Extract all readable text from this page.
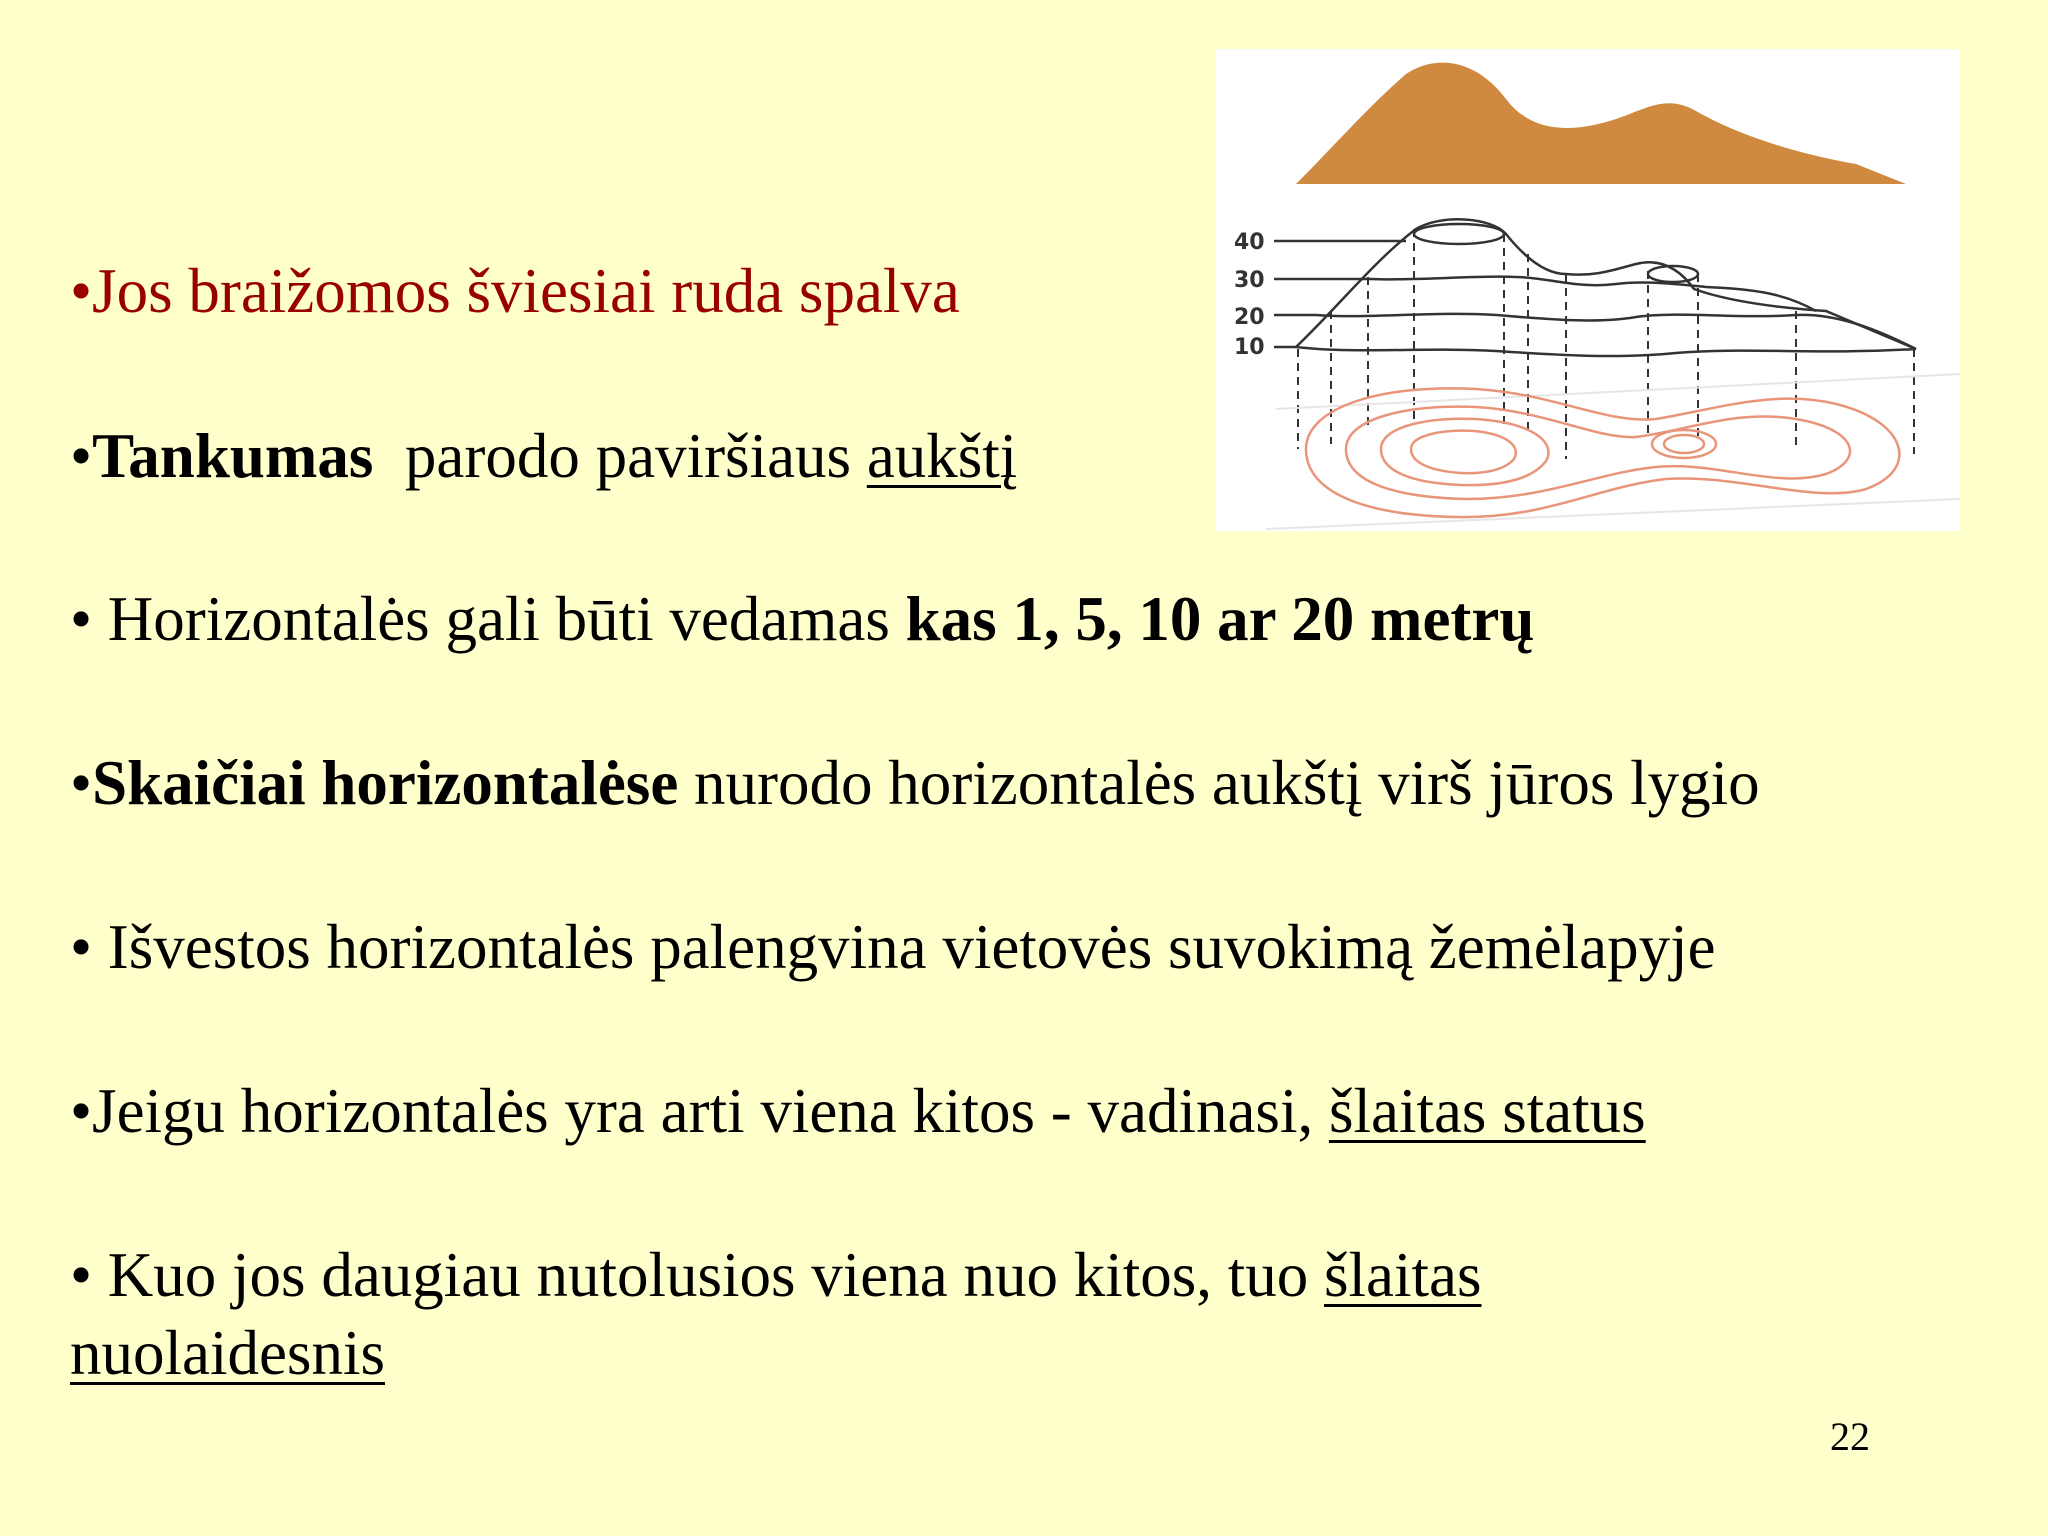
•Jos braižomos šviesiai ruda spalva
•Tankumas  parodo paviršiaus aukštį
• Horizontalės gali būti vedamas kas 1, 5, 10 ar 20 metrų
•Skaičiai horizontalėse nurodo horizontalės aukštį virš jūros lygio
• Išvestos horizontalės palengvina vietovės suvokimą žemėlapyje
•Jeigu horizontalės yra arti viena kitos - vadinasi, šlaitas status
• Kuo jos daugiau nutolusios viena nuo kitos, tuo šlaitas nuolaidesnis
40
30
20
10
22
